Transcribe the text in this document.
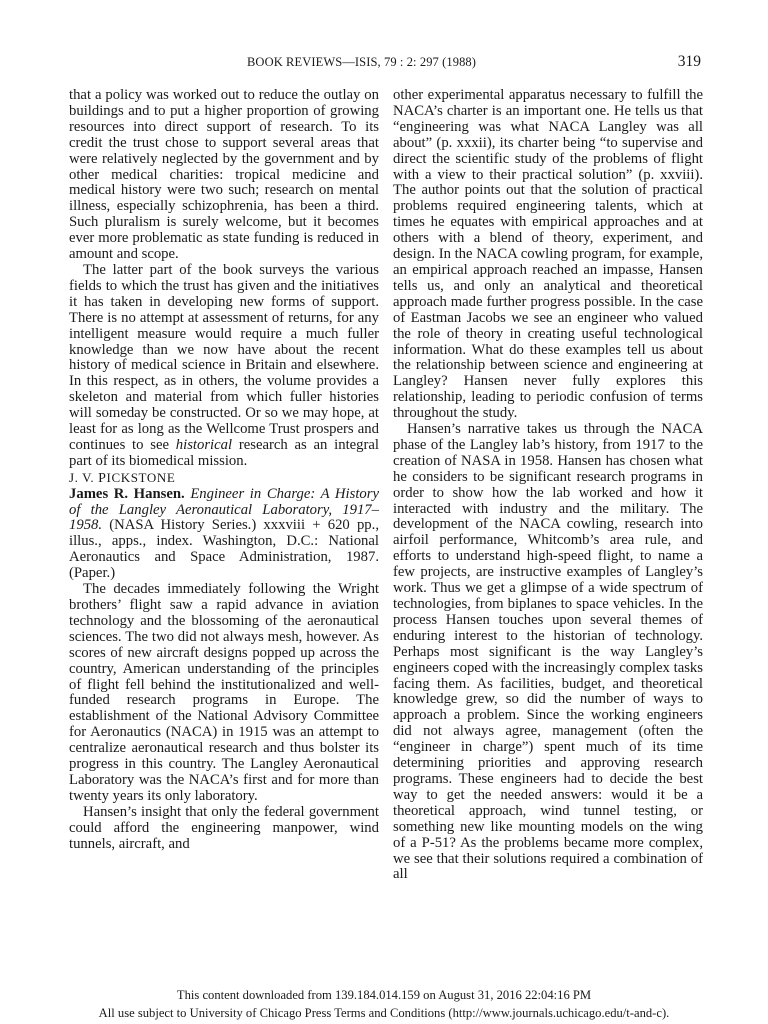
BOOK REVIEWS—ISIS, 79 : 2: 297 (1988)	319

that a policy was worked out to reduce the outlay on buildings and to put a higher proportion of growing resources into direct support of research. To its credit the trust chose to support several areas that were relatively neglected by the government and by other medical charities: tropical medicine and medical history were two such; research on mental illness, especially schizophrenia, has been a third. Such pluralism is surely welcome, but it becomes ever more problematic as state funding is reduced in amount and scope.

The latter part of the book surveys the various fields to which the trust has given and the initiatives it has taken in developing new forms of support. There is no attempt at assessment of returns, for any intelligent measure would require a much fuller knowledge than we now have about the recent history of medical science in Britain and elsewhere. In this respect, as in others, the volume provides a skeleton and material from which fuller histories will someday be constructed. Or so we may hope, at least for as long as the Wellcome Trust prospers and continues to see historical research as an integral part of its biomedical mission.

J. V. PICKSTONE

James R. Hansen. Engineer in Charge: A History of the Langley Aeronautical Laboratory, 1917–1958. (NASA History Series.) xxxviii + 620 pp., illus., apps., index. Washington, D.C.: National Aeronautics and Space Administration, 1987. (Paper.)

The decades immediately following the Wright brothers’ flight saw a rapid advance in aviation technology and the blossoming of the aeronautical sciences. The two did not always mesh, however. As scores of new aircraft designs popped up across the country, American understanding of the principles of flight fell behind the institutionalized and well-funded research programs in Europe. The establishment of the National Advisory Committee for Aeronautics (NACA) in 1915 was an attempt to centralize aeronautical research and thus bolster its progress in this country. The Langley Aeronautical Laboratory was the NACA’s first and for more than twenty years its only laboratory.

Hansen’s insight that only the federal government could afford the engineering manpower, wind tunnels, aircraft, and

other experimental apparatus necessary to fulfill the NACA’s charter is an important one. He tells us that “engineering was what NACA Langley was all about” (p. xxxii), its charter being “to supervise and direct the scientific study of the problems of flight with a view to their practical solution” (p. xxviii). The author points out that the solution of practical problems required engineering talents, which at times he equates with empirical approaches and at others with a blend of theory, experiment, and design. In the NACA cowling program, for example, an empirical approach reached an impasse, Hansen tells us, and only an analytical and theoretical approach made further progress possible. In the case of Eastman Jacobs we see an engineer who valued the role of theory in creating useful technological information. What do these examples tell us about the relationship between science and engineering at Langley? Hansen never fully explores this relationship, leading to periodic confusion of terms throughout the study.

Hansen’s narrative takes us through the NACA phase of the Langley lab’s history, from 1917 to the creation of NASA in 1958. Hansen has chosen what he considers to be significant research programs in order to show how the lab worked and how it interacted with industry and the military. The development of the NACA cowling, research into airfoil performance, Whitcomb’s area rule, and efforts to understand high-speed flight, to name a few projects, are instructive examples of Langley’s work. Thus we get a glimpse of a wide spectrum of technologies, from biplanes to space vehicles. In the process Hansen touches upon several themes of enduring interest to the historian of technology. Perhaps most significant is the way Langley’s engineers coped with the increasingly complex tasks facing them. As facilities, budget, and theoretical knowledge grew, so did the number of ways to approach a problem. Since the working engineers did not always agree, management (often the “engineer in charge”) spent much of its time determining priorities and approving research programs. These engineers had to decide the best way to get the needed answers: would it be a theoretical approach, wind tunnel testing, or something new like mounting models on the wing of a P-51? As the problems became more complex, we see that their solutions required a combination of all

This content downloaded from 139.184.014.159 on August 31, 2016 22:04:16 PM
All use subject to University of Chicago Press Terms and Conditions (http://www.journals.uchicago.edu/t-and-c).
